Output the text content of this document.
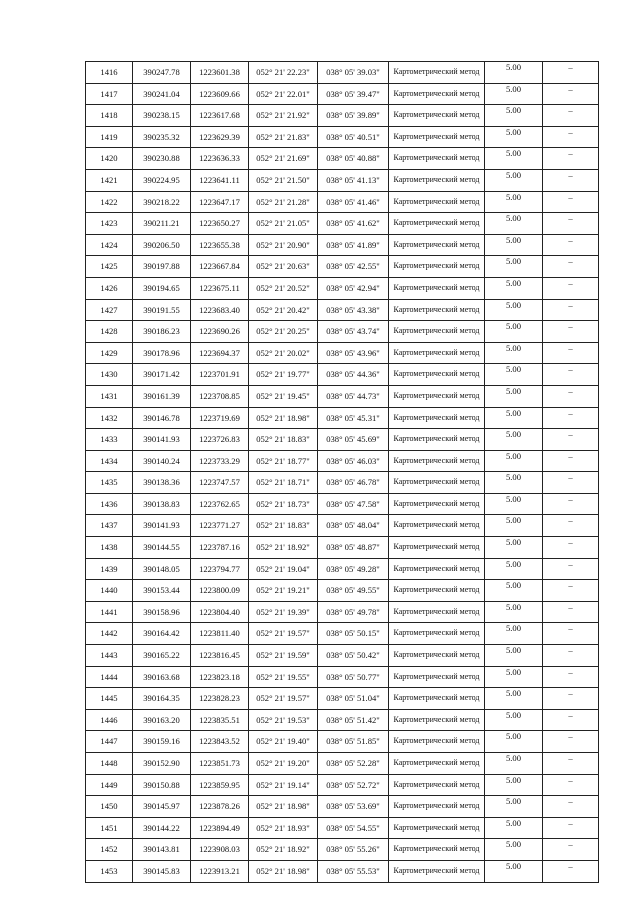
1416	390247.78	1223601.38	052° 21' 22.23"	038° 05' 39.03"	Картометрический метод	5.00	–
1417	390241.04	1223609.66	052° 21' 22.01"	038° 05' 39.47"	Картометрический метод	5.00	–
1418	390238.15	1223617.68	052° 21' 21.92"	038° 05' 39.89"	Картометрический метод	5.00	–
1419	390235.32	1223629.39	052° 21' 21.83"	038° 05' 40.51"	Картометрический метод	5.00	–
1420	390230.88	1223636.33	052° 21' 21.69"	038° 05' 40.88"	Картометрический метод	5.00	–
1421	390224.95	1223641.11	052° 21' 21.50"	038° 05' 41.13"	Картометрический метод	5.00	–
1422	390218.22	1223647.17	052° 21' 21.28"	038° 05' 41.46"	Картометрический метод	5.00	–
1423	390211.21	1223650.27	052° 21' 21.05"	038° 05' 41.62"	Картометрический метод	5.00	–
1424	390206.50	1223655.38	052° 21' 20.90"	038° 05' 41.89"	Картометрический метод	5.00	–
1425	390197.88	1223667.84	052° 21' 20.63"	038° 05' 42.55"	Картометрический метод	5.00	–
1426	390194.65	1223675.11	052° 21' 20.52"	038° 05' 42.94"	Картометрический метод	5.00	–
1427	390191.55	1223683.40	052° 21' 20.42"	038° 05' 43.38"	Картометрический метод	5.00	–
1428	390186.23	1223690.26	052° 21' 20.25"	038° 05' 43.74"	Картометрический метод	5.00	–
1429	390178.96	1223694.37	052° 21' 20.02"	038° 05' 43.96"	Картометрический метод	5.00	–
1430	390171.42	1223701.91	052° 21' 19.77"	038° 05' 44.36"	Картометрический метод	5.00	–
1431	390161.39	1223708.85	052° 21' 19.45"	038° 05' 44.73"	Картометрический метод	5.00	–
1432	390146.78	1223719.69	052° 21' 18.98"	038° 05' 45.31"	Картометрический метод	5.00	–
1433	390141.93	1223726.83	052° 21' 18.83"	038° 05' 45.69"	Картометрический метод	5.00	–
1434	390140.24	1223733.29	052° 21' 18.77"	038° 05' 46.03"	Картометрический метод	5.00	–
1435	390138.36	1223747.57	052° 21' 18.71"	038° 05' 46.78"	Картометрический метод	5.00	–
1436	390138.83	1223762.65	052° 21' 18.73"	038° 05' 47.58"	Картометрический метод	5.00	–
1437	390141.93	1223771.27	052° 21' 18.83"	038° 05' 48.04"	Картометрический метод	5.00	–
1438	390144.55	1223787.16	052° 21' 18.92"	038° 05' 48.87"	Картометрический метод	5.00	–
1439	390148.05	1223794.77	052° 21' 19.04"	038° 05' 49.28"	Картометрический метод	5.00	–
1440	390153.44	1223800.09	052° 21' 19.21"	038° 05' 49.55"	Картометрический метод	5.00	–
1441	390158.96	1223804.40	052° 21' 19.39"	038° 05' 49.78"	Картометрический метод	5.00	–
1442	390164.42	1223811.40	052° 21' 19.57"	038° 05' 50.15"	Картометрический метод	5.00	–
1443	390165.22	1223816.45	052° 21' 19.59"	038° 05' 50.42"	Картометрический метод	5.00	–
1444	390163.68	1223823.18	052° 21' 19.55"	038° 05' 50.77"	Картометрический метод	5.00	–
1445	390164.35	1223828.23	052° 21' 19.57"	038° 05' 51.04"	Картометрический метод	5.00	–
1446	390163.20	1223835.51	052° 21' 19.53"	038° 05' 51.42"	Картометрический метод	5.00	–
1447	390159.16	1223843.52	052° 21' 19.40"	038° 05' 51.85"	Картометрический метод	5.00	–
1448	390152.90	1223851.73	052° 21' 19.20"	038° 05' 52.28"	Картометрический метод	5.00	–
1449	390150.88	1223859.95	052° 21' 19.14"	038° 05' 52.72"	Картометрический метод	5.00	–
1450	390145.97	1223878.26	052° 21' 18.98"	038° 05' 53.69"	Картометрический метод	5.00	–
1451	390144.22	1223894.49	052° 21' 18.93"	038° 05' 54.55"	Картометрический метод	5.00	–
1452	390143.81	1223908.03	052° 21' 18.92"	038° 05' 55.26"	Картометрический метод	5.00	–
1453	390145.83	1223913.21	052° 21' 18.98"	038° 05' 55.53"	Картометрический метод	5.00	–
